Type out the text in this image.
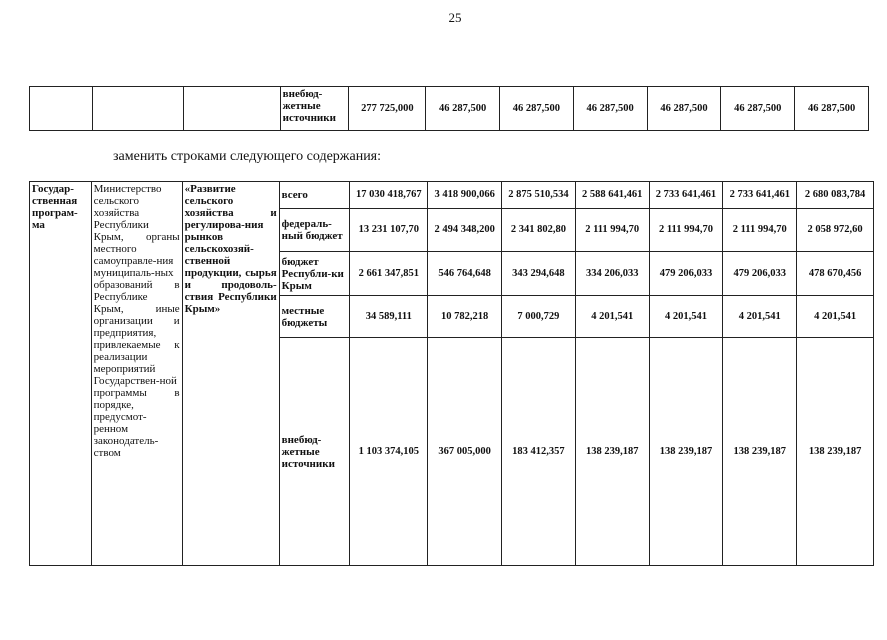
25
			внебюд-жетные источники	277 725,000	46 287,500	46 287,500	46 287,500	46 287,500	46 287,500	46 287,500
заменить строками следующего содержания:
Государ-ственная програм-ма	Министерство сельского хозяйства Республики Крым, органы местного самоуправле-ния муниципаль-ных образований в Республике Крым, иные организации и предприятия, привлекаемые к реализации мероприятий Государствен-ной программы в порядке, предусмот-ренном законодатель-ством	«Развитие сельского хозяйства и регулирова-ния рынков сельскохозяй-ственной продукции, сырья и продоволь-ствия Республики Крым»	всего	17 030 418,767	3 418 900,066	2 875 510,534	2 588 641,461	2 733 641,461	2 733 641,461	2 680 083,784
			федераль-ный бюджет	13 231 107,70	2 494 348,200	2 341 802,80	2 111 994,70	2 111 994,70	2 111 994,70	2 058 972,60
			бюджет Республи-ки Крым	2 661 347,851	546 764,648	343 294,648	334 206,033	479 206,033	479 206,033	478 670,456
			местные бюджеты	34 589,111	10 782,218	7 000,729	4 201,541	4 201,541	4 201,541	4 201,541
			внебюд-жетные источники	1 103 374,105	367 005,000	183 412,357	138 239,187	138 239,187	138 239,187	138 239,187
